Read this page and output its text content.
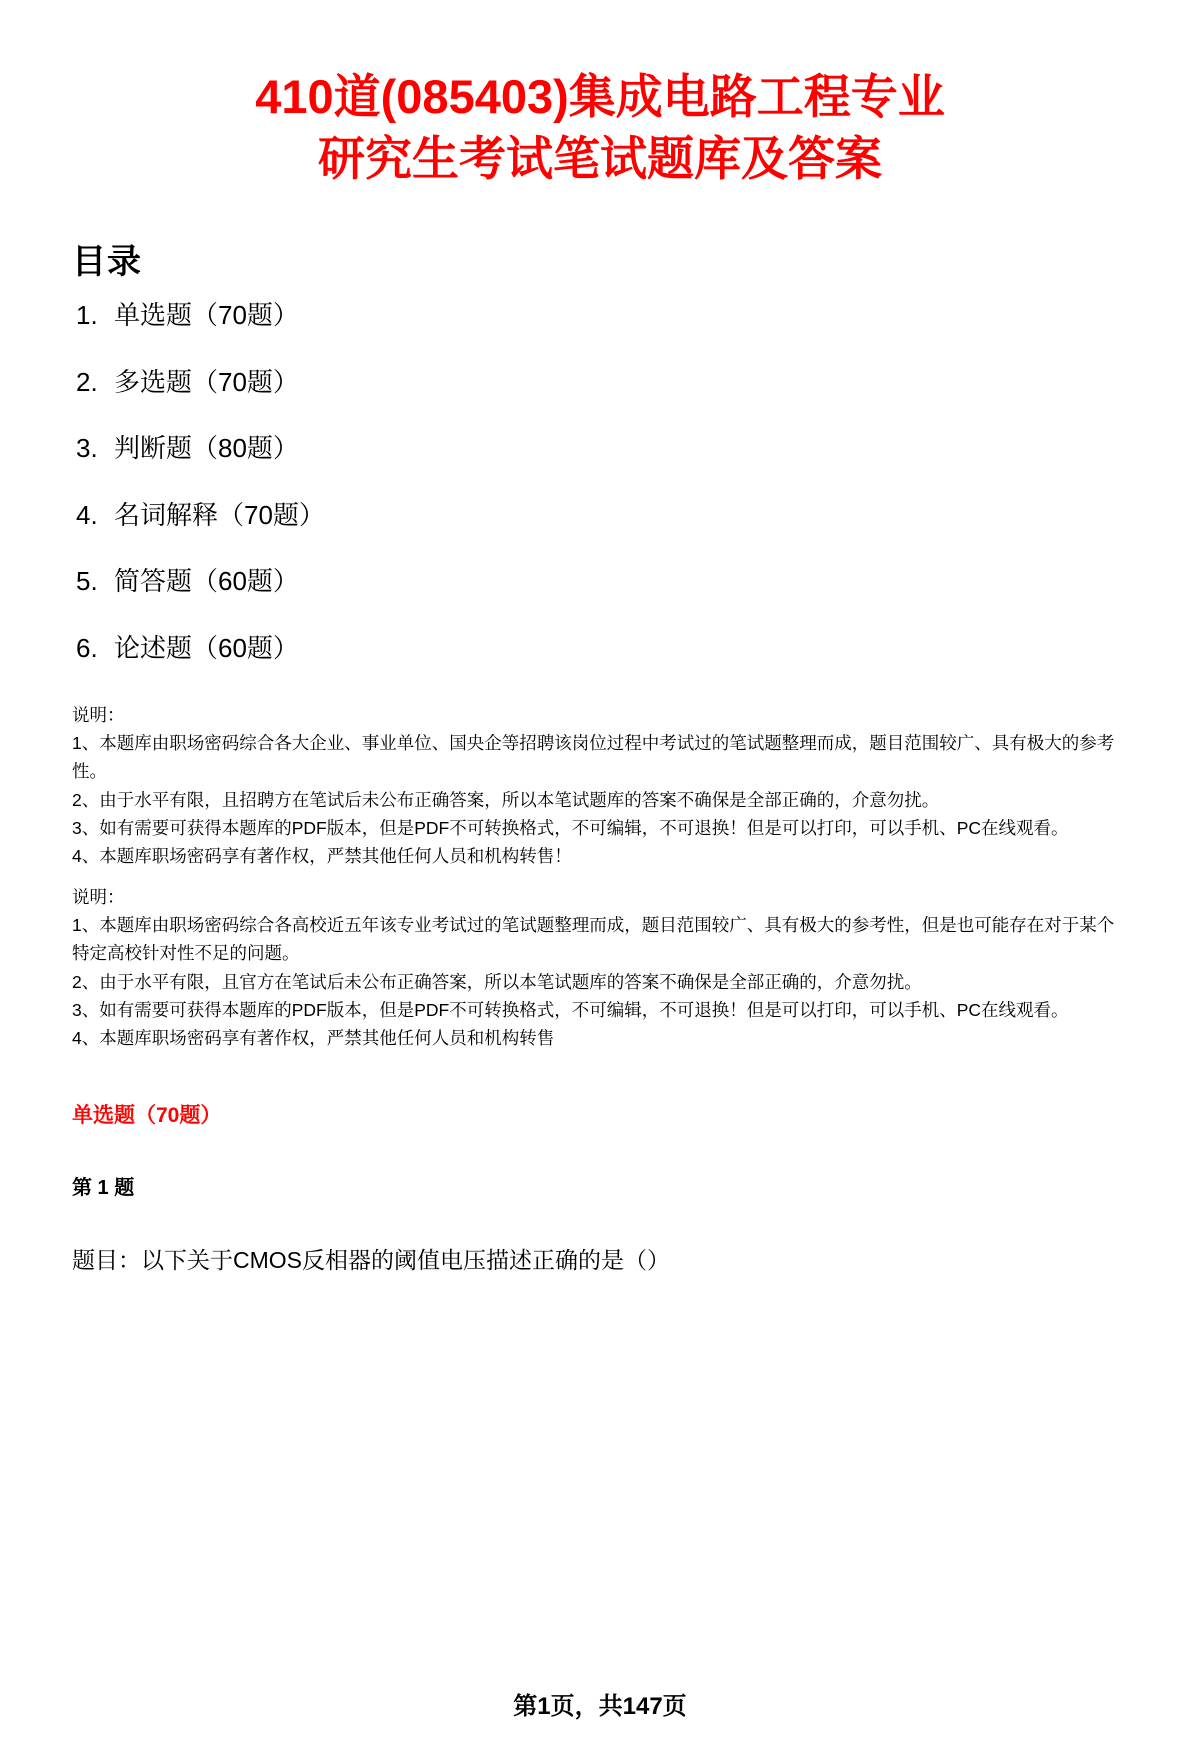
410道(085403)集成电路工程专业
研究生考试笔试题库及答案
目录
1. 单选题（70题）
2. 多选题（70题）
3. 判断题（80题）
4. 名词解释（70题）
5. 简答题（60题）
6. 论述题（60题）

说明：

1、本题库由职场密码综合各大企业、事业单位、国央企等招聘该岗位过程中考试过的笔试题整理而成，题目范围较广、具有极大的参考性。

2、由于水平有限，且招聘方在笔试后未公布正确答案，所以本笔试题库的答案不确保是全部正确的，介意勿扰。

3、如有需要可获得本题库的PDF版本，但是PDF不可转换格式，不可编辑，不可退换！但是可以打印，可以手机、PC在线观看。

4、本题库职场密码享有著作权，严禁其他任何人员和机构转售！

说明：

1、本题库由职场密码综合各高校近五年该专业考试过的笔试题整理而成，题目范围较广、具有极大的参考性，但是也可能存在对于某个特定高校针对性不足的问题。

2、由于水平有限，且官方在笔试后未公布正确答案，所以本笔试题库的答案不确保是全部正确的，介意勿扰。

3、如有需要可获得本题库的PDF版本，但是PDF不可转换格式，不可编辑，不可退换！但是可以打印，可以手机、PC在线观看。

4、本题库职场密码享有著作权，严禁其他任何人员和机构转售

单选题（70题）
第 1 题
题目：以下关于CMOS反相器的阈值电压描述正确的是（）
第1页，共147页
